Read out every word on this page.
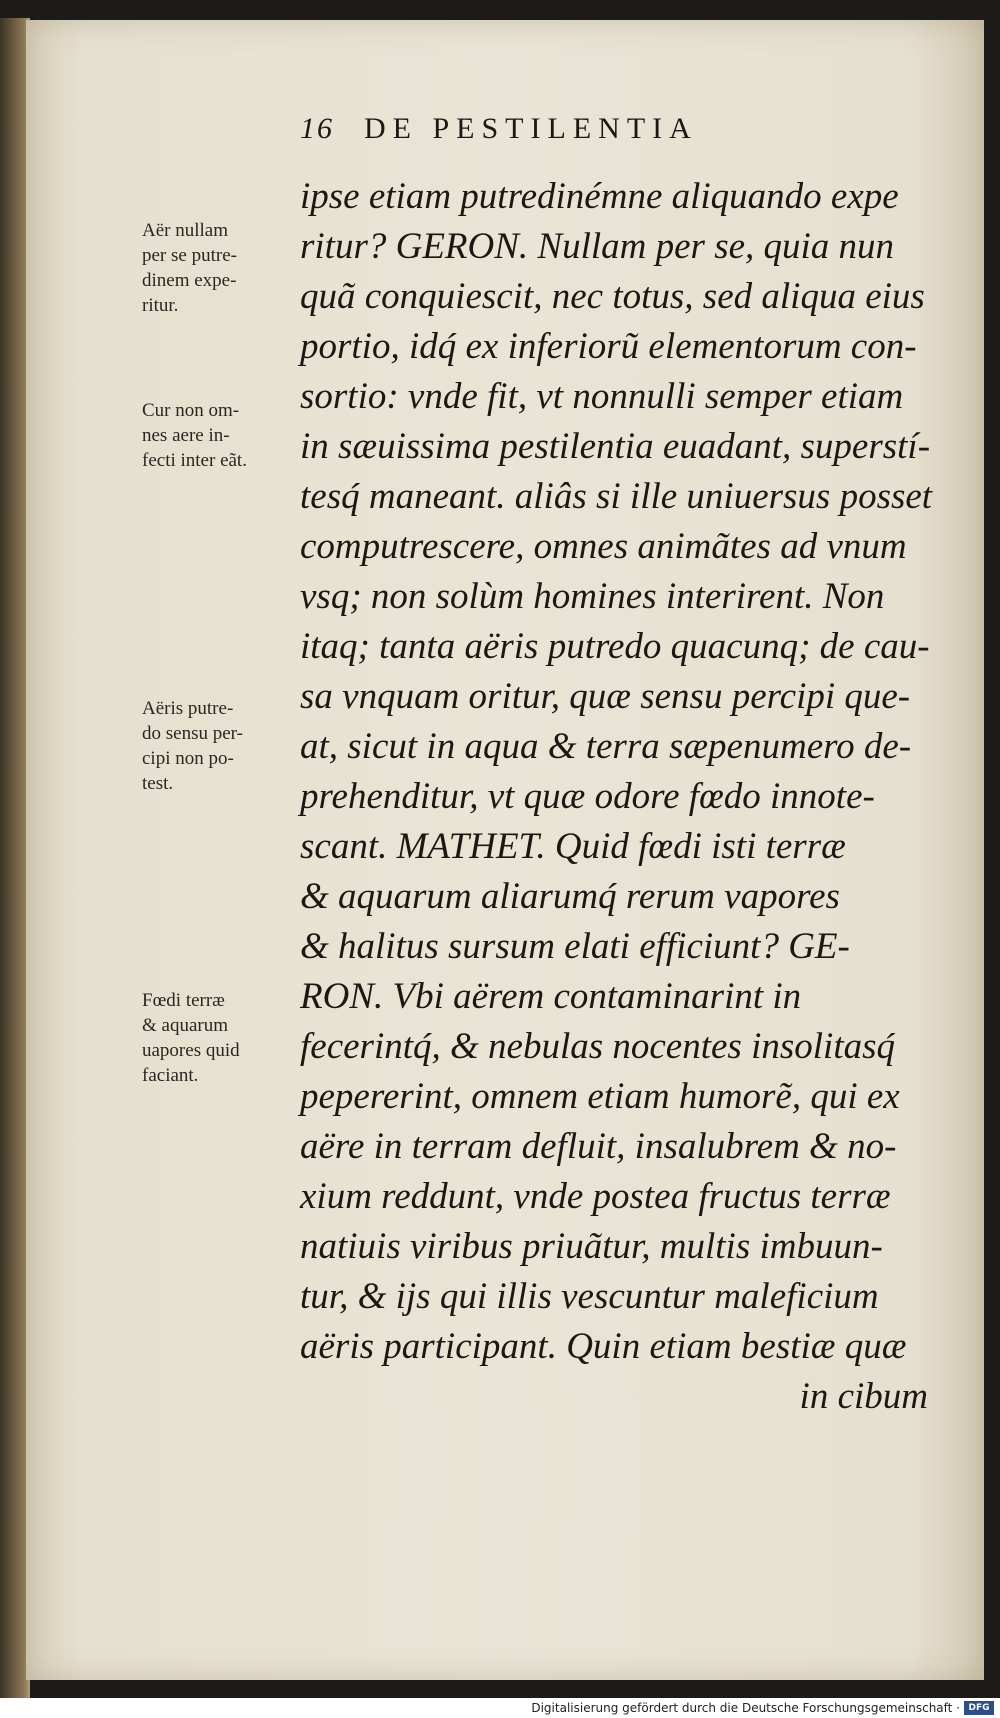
16 DE PESTILENTIA
Aër nullam
per se putre-
dinem expe-
ritur.
Cur non om-
nes aere in-
fecti inter eãt.
Aëris putre-
do sensu per-
cipi non po-
test.
Fœdi terræ
& aquarum
uapores quid
faciant.
ipse etiam putredinémne aliquando expe
ritur? GERON. Nullam per se, quia nun
quã conquiescit, nec totus, sed aliqua eius
portio, idq́ ex inferiorũ elementorum con-
sortio: vnde fit, vt nonnulli semper etiam
in sæuissima pestilentia euadant, superstí-
tesq́ maneant. aliâs si ille uniuersus posset
computrescere, omnes animãtes ad vnum
vsq; non solùm homines interirent. Non
itaq; tanta aëris putredo quacunq; de cau-
sa vnquam oritur, quæ sensu percipi que-
at, sicut in aqua & terra sæpenumero de-
prehenditur, vt quæ odore fœdo innote-
scant. MATHET. Quid fœdi isti terræ
& aquarum aliarumq́ rerum vapores
& halitus sursum elati efficiunt? GE-
RON. Vbi aërem contaminarint in
fecerintq́, & nebulas nocentes insolitasq́
pepererint, omnem etiam humorẽ, qui ex
aëre in terram defluit, insalubrem & no-
xium reddunt, vnde postea fructus terræ
natiuis viribus priuãtur, multis imbuun-
tur, & ijs qui illis vescuntur maleficium
aëris participant. Quin etiam bestiæ quæ
in cibum
Digitalisierung gefördert durch die Deutsche Forschungsgemeinschaft · DFG
